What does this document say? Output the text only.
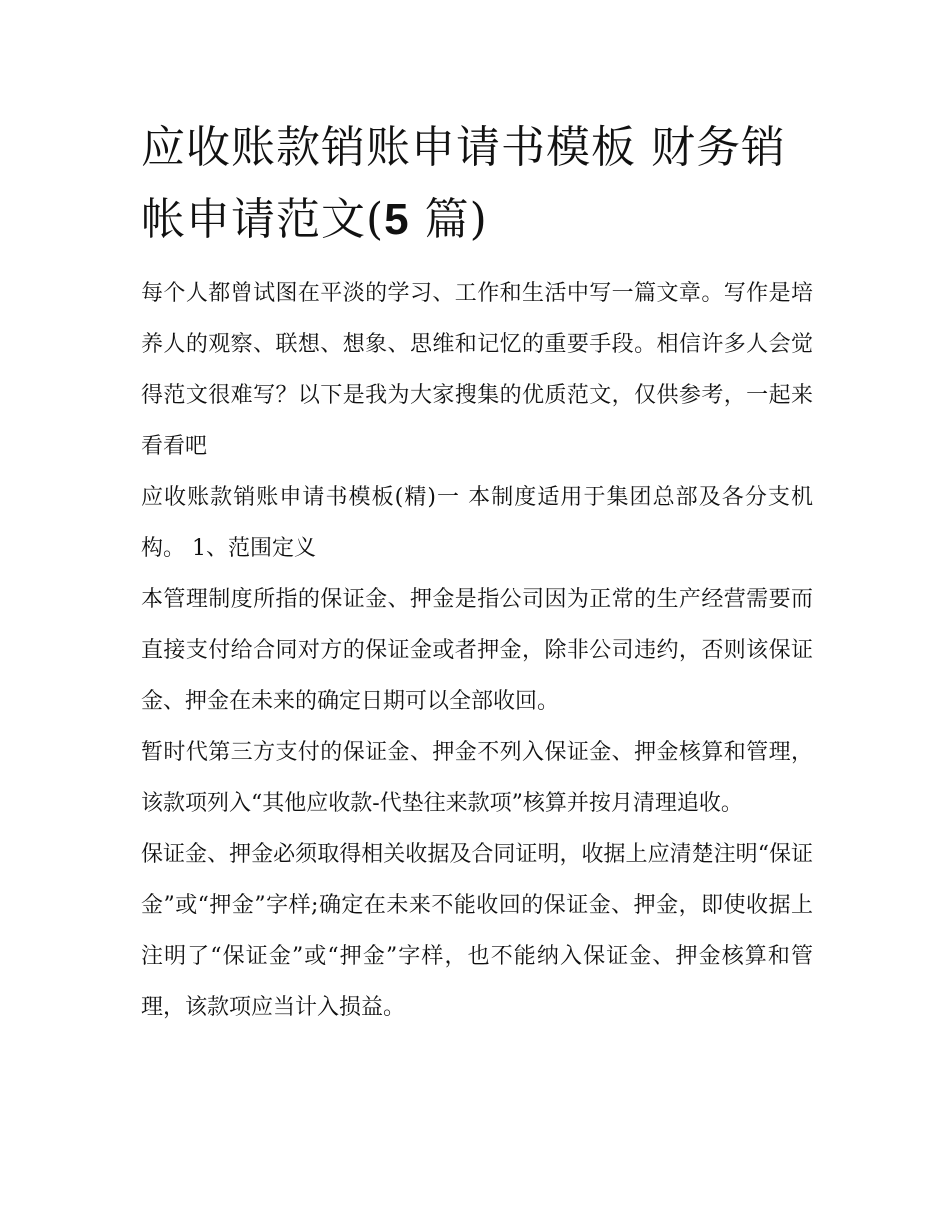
应收账款销账申请书模板 财务销帐申请范文(5 篇)

每个人都曾试图在平淡的学习、工作和生活中写一篇文章。写作是培养人的观察、联想、想象、思维和记忆的重要手段。相信许多人会觉得范文很难写？以下是我为大家搜集的优质范文，仅供参考，一起来看看吧

应收账款销账申请书模板(精)一 本制度适用于集团总部及各分支机构。 1、范围定义

本管理制度所指的保证金、押金是指公司因为正常的生产经营需要而直接支付给合同对方的保证金或者押金，除非公司违约，否则该保证金、押金在未来的确定日期可以全部收回。

暂时代第三方支付的保证金、押金不列入保证金、押金核算和管理，该款项列入“其他应收款-代垫往来款项”核算并按月清理追收。

保证金、押金必须取得相关收据及合同证明，收据上应清楚注明“保证金”或“押金”字样;确定在未来不能收回的保证金、押金，即使收据上注明了“保证金”或“押金”字样，也不能纳入保证金、押金核算和管理，该款项应当计入损益。
